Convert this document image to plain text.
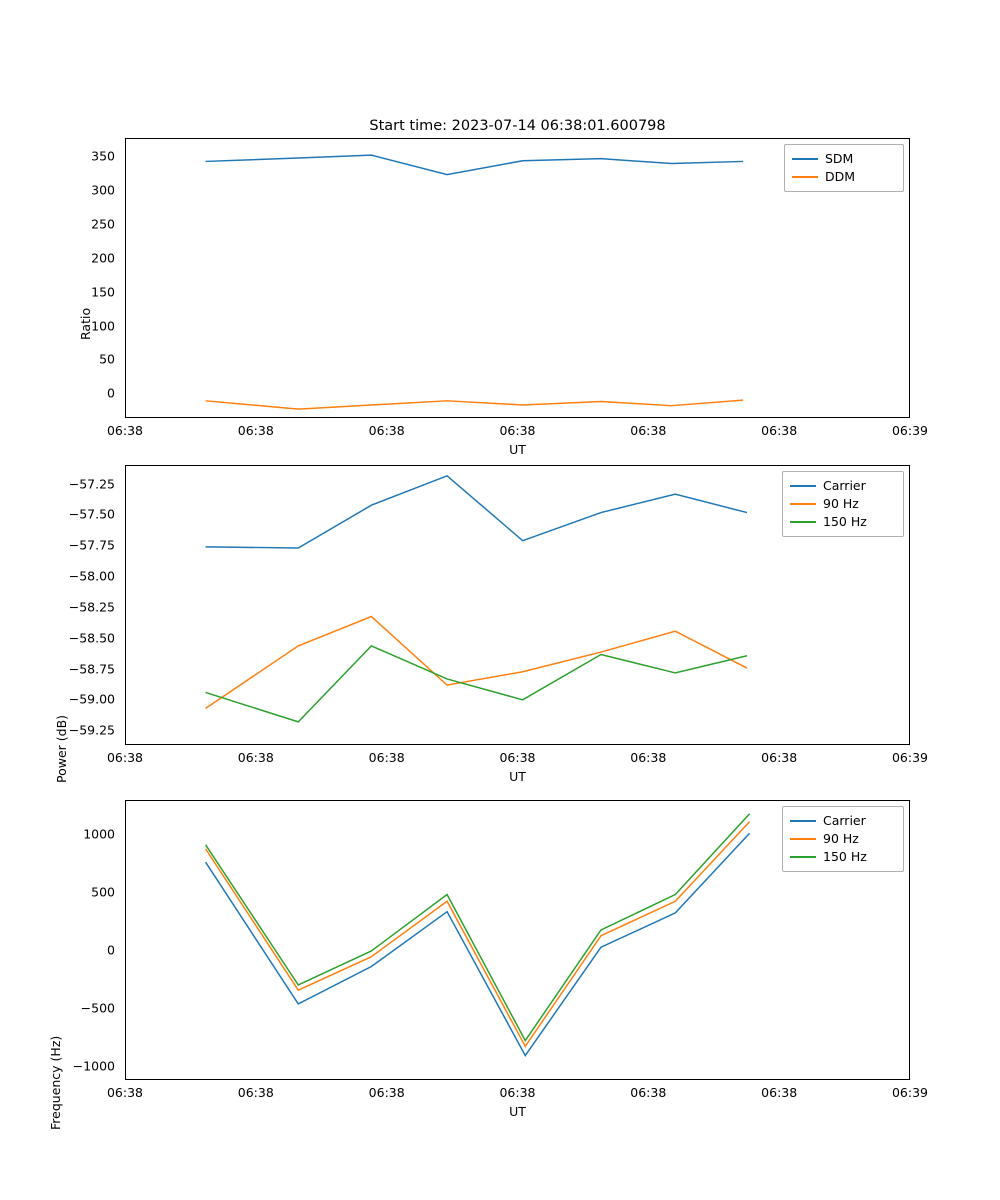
Start time: 2023-07-14 06:38:01.600798
Ratio
SDM
DDM
350
300
250
200
150
100
50
0
06:38	06:38	06:38	06:38	06:38	06:38	06:39
UT
Power (dB)
Carrier
90 Hz
150 Hz
−57.25
−57.50
−57.75
−58.00
−58.25
−58.50
−58.75
−59.00
−59.25
06:38	06:38	06:38	06:38	06:38	06:38	06:39
UT
Frequency (Hz)
Carrier
90 Hz
150 Hz
1000
500
0
−500
−1000
06:38	06:38	06:38	06:38	06:38	06:38	06:39
UT
